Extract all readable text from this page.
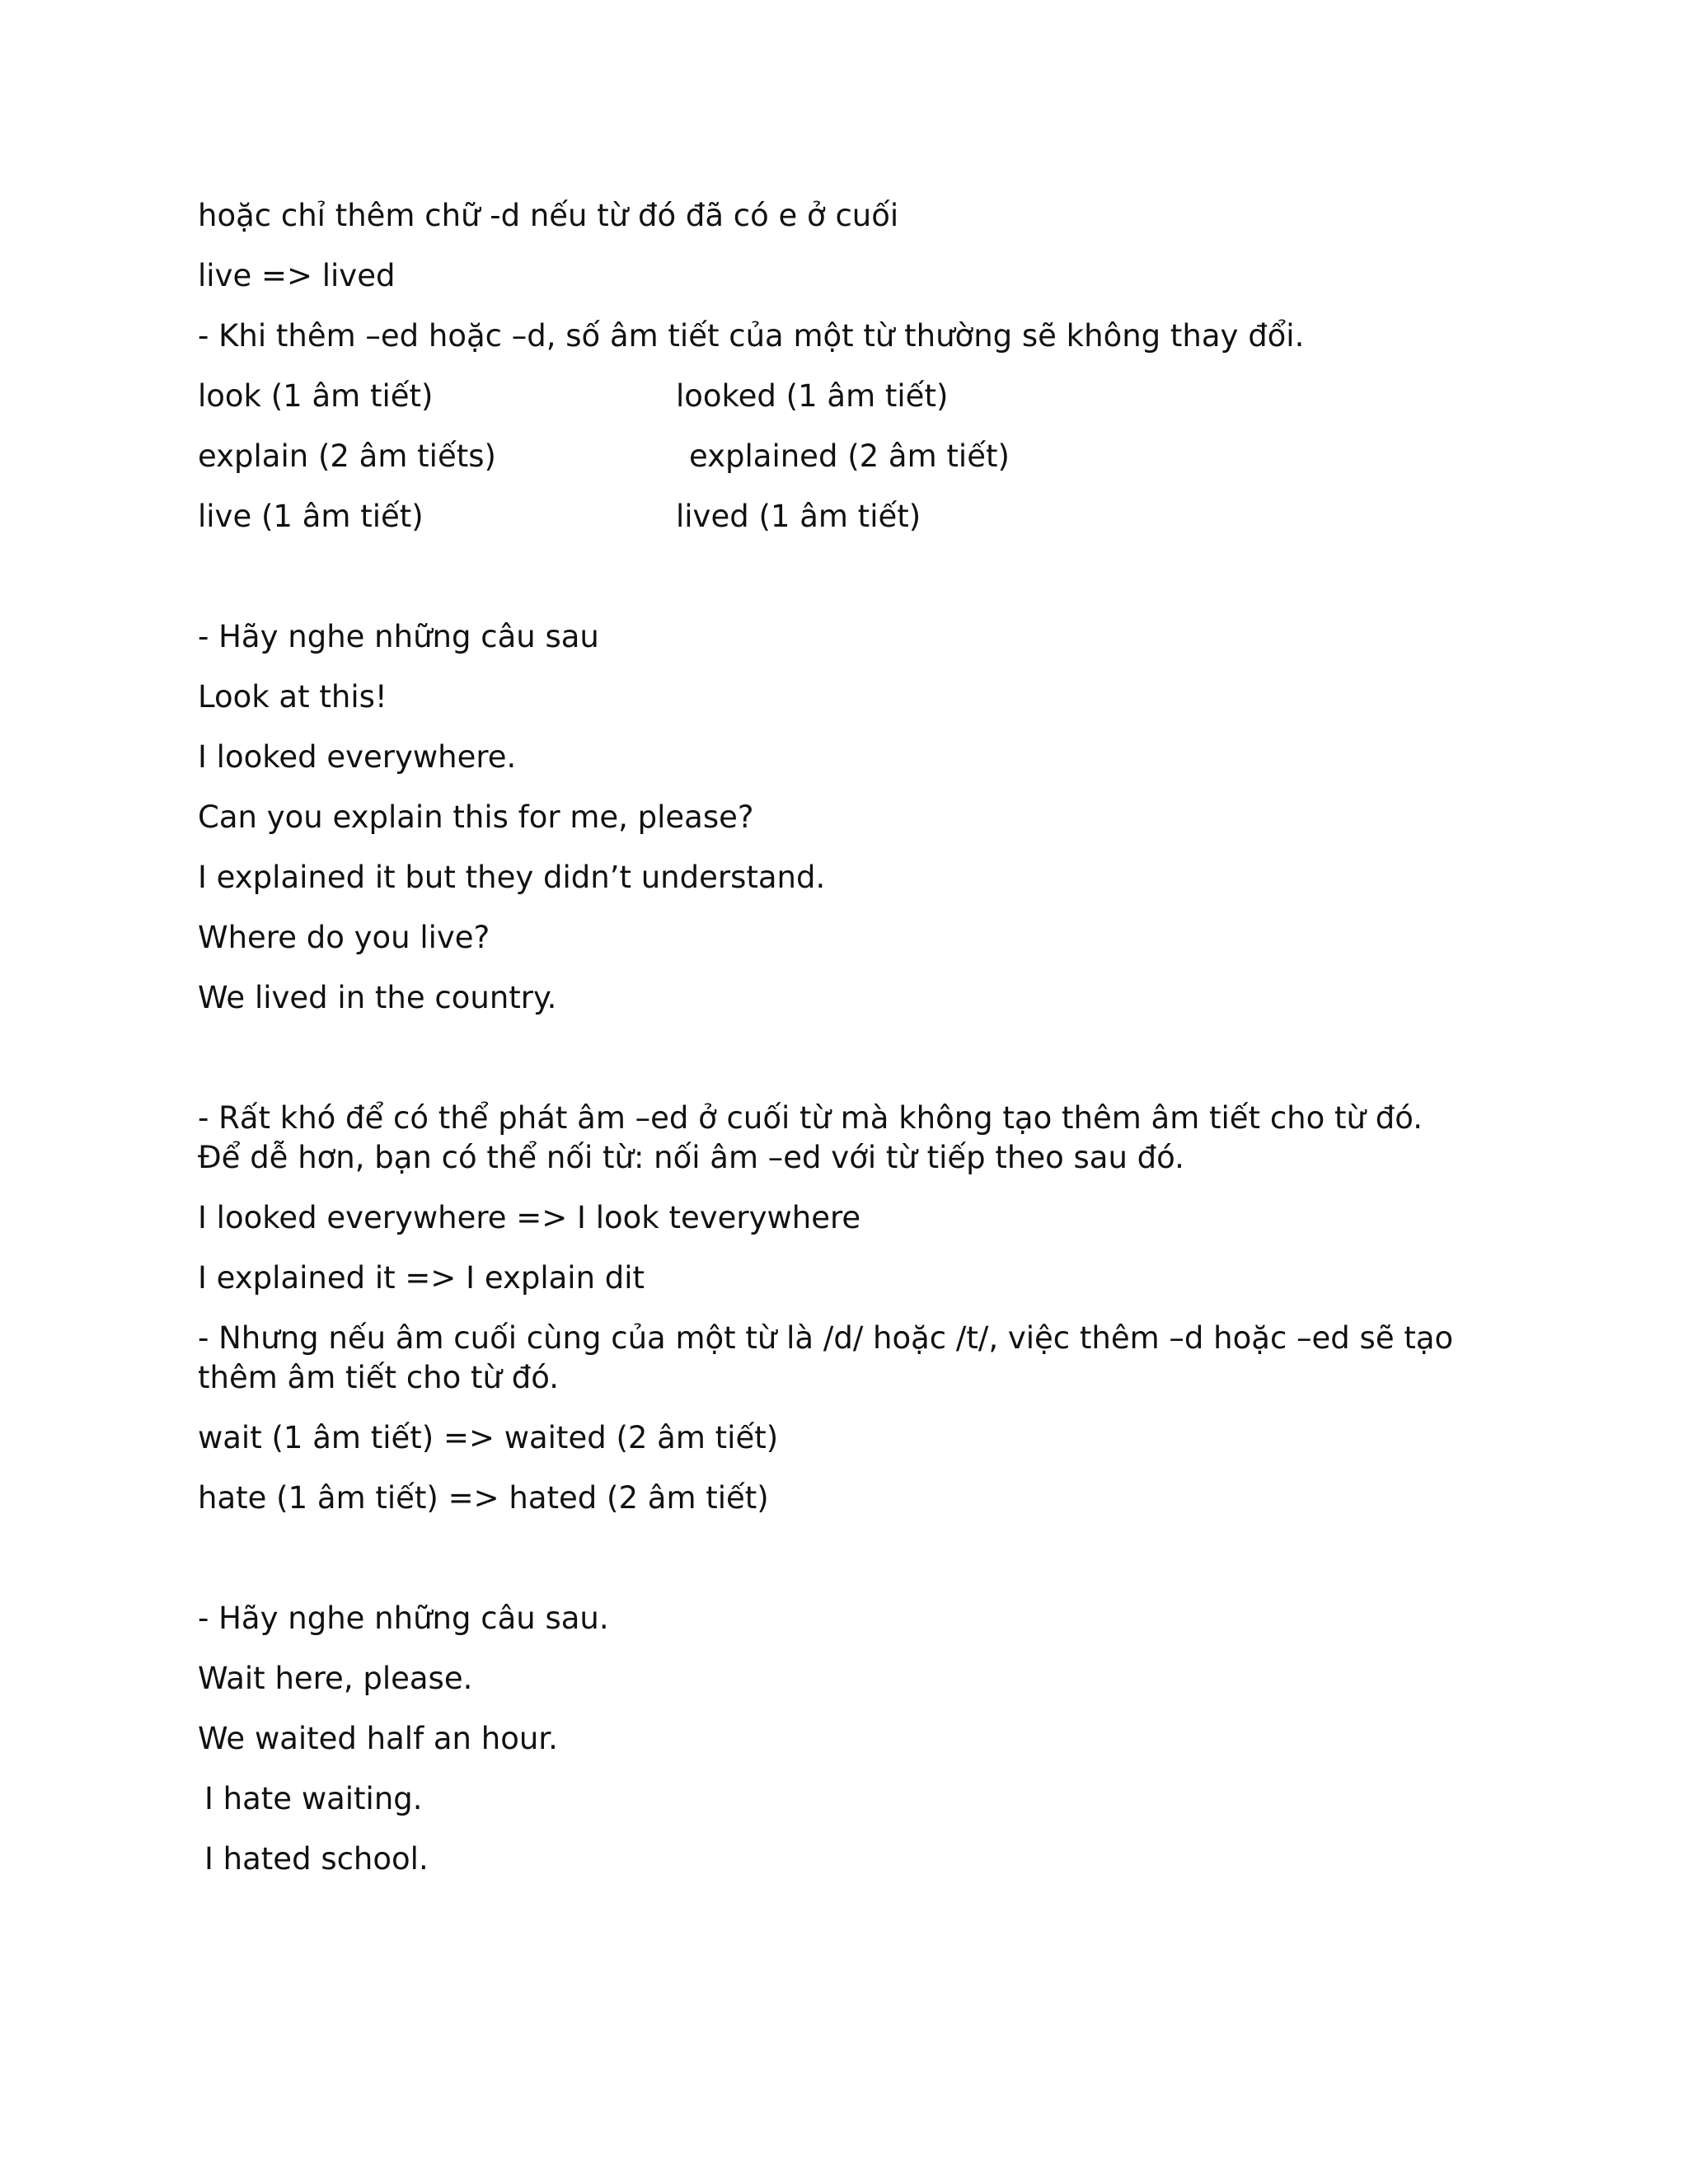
hoặc chỉ thêm chữ -d nếu từ đó đã có e ở cuối

live => lived

- Khi thêm –ed hoặc –d, số âm tiết của một từ thường sẽ không thay đổi.

look (1 âm tiết)	looked (1 âm tiết)
explain (2 âm tiếts)	explained (2 âm tiết)
live (1 âm tiết)	lived (1 âm tiết)

- Hãy nghe những câu sau

Look at this!

I looked everywhere.

Can you explain this for me, please?

I explained it but they didn’t understand.

Where do you live?

We lived in the country.

- Rất khó để có thể phát âm –ed ở cuối từ mà không tạo thêm âm tiết cho từ đó. Để dễ hơn, bạn có thể nối từ: nối âm –ed với từ tiếp theo sau đó.

I looked everywhere => I look teverywhere

I explained it => I explain dit

- Nhưng nếu âm cuối cùng của một từ là /d/ hoặc /t/, việc thêm –d hoặc –ed sẽ tạo thêm âm tiết cho từ đó.

wait (1 âm tiết) => waited (2 âm tiết)

hate (1 âm tiết) => hated (2 âm tiết)

- Hãy nghe những câu sau.

Wait here, please.

We waited half an hour.

I hate waiting.

I hated school.
